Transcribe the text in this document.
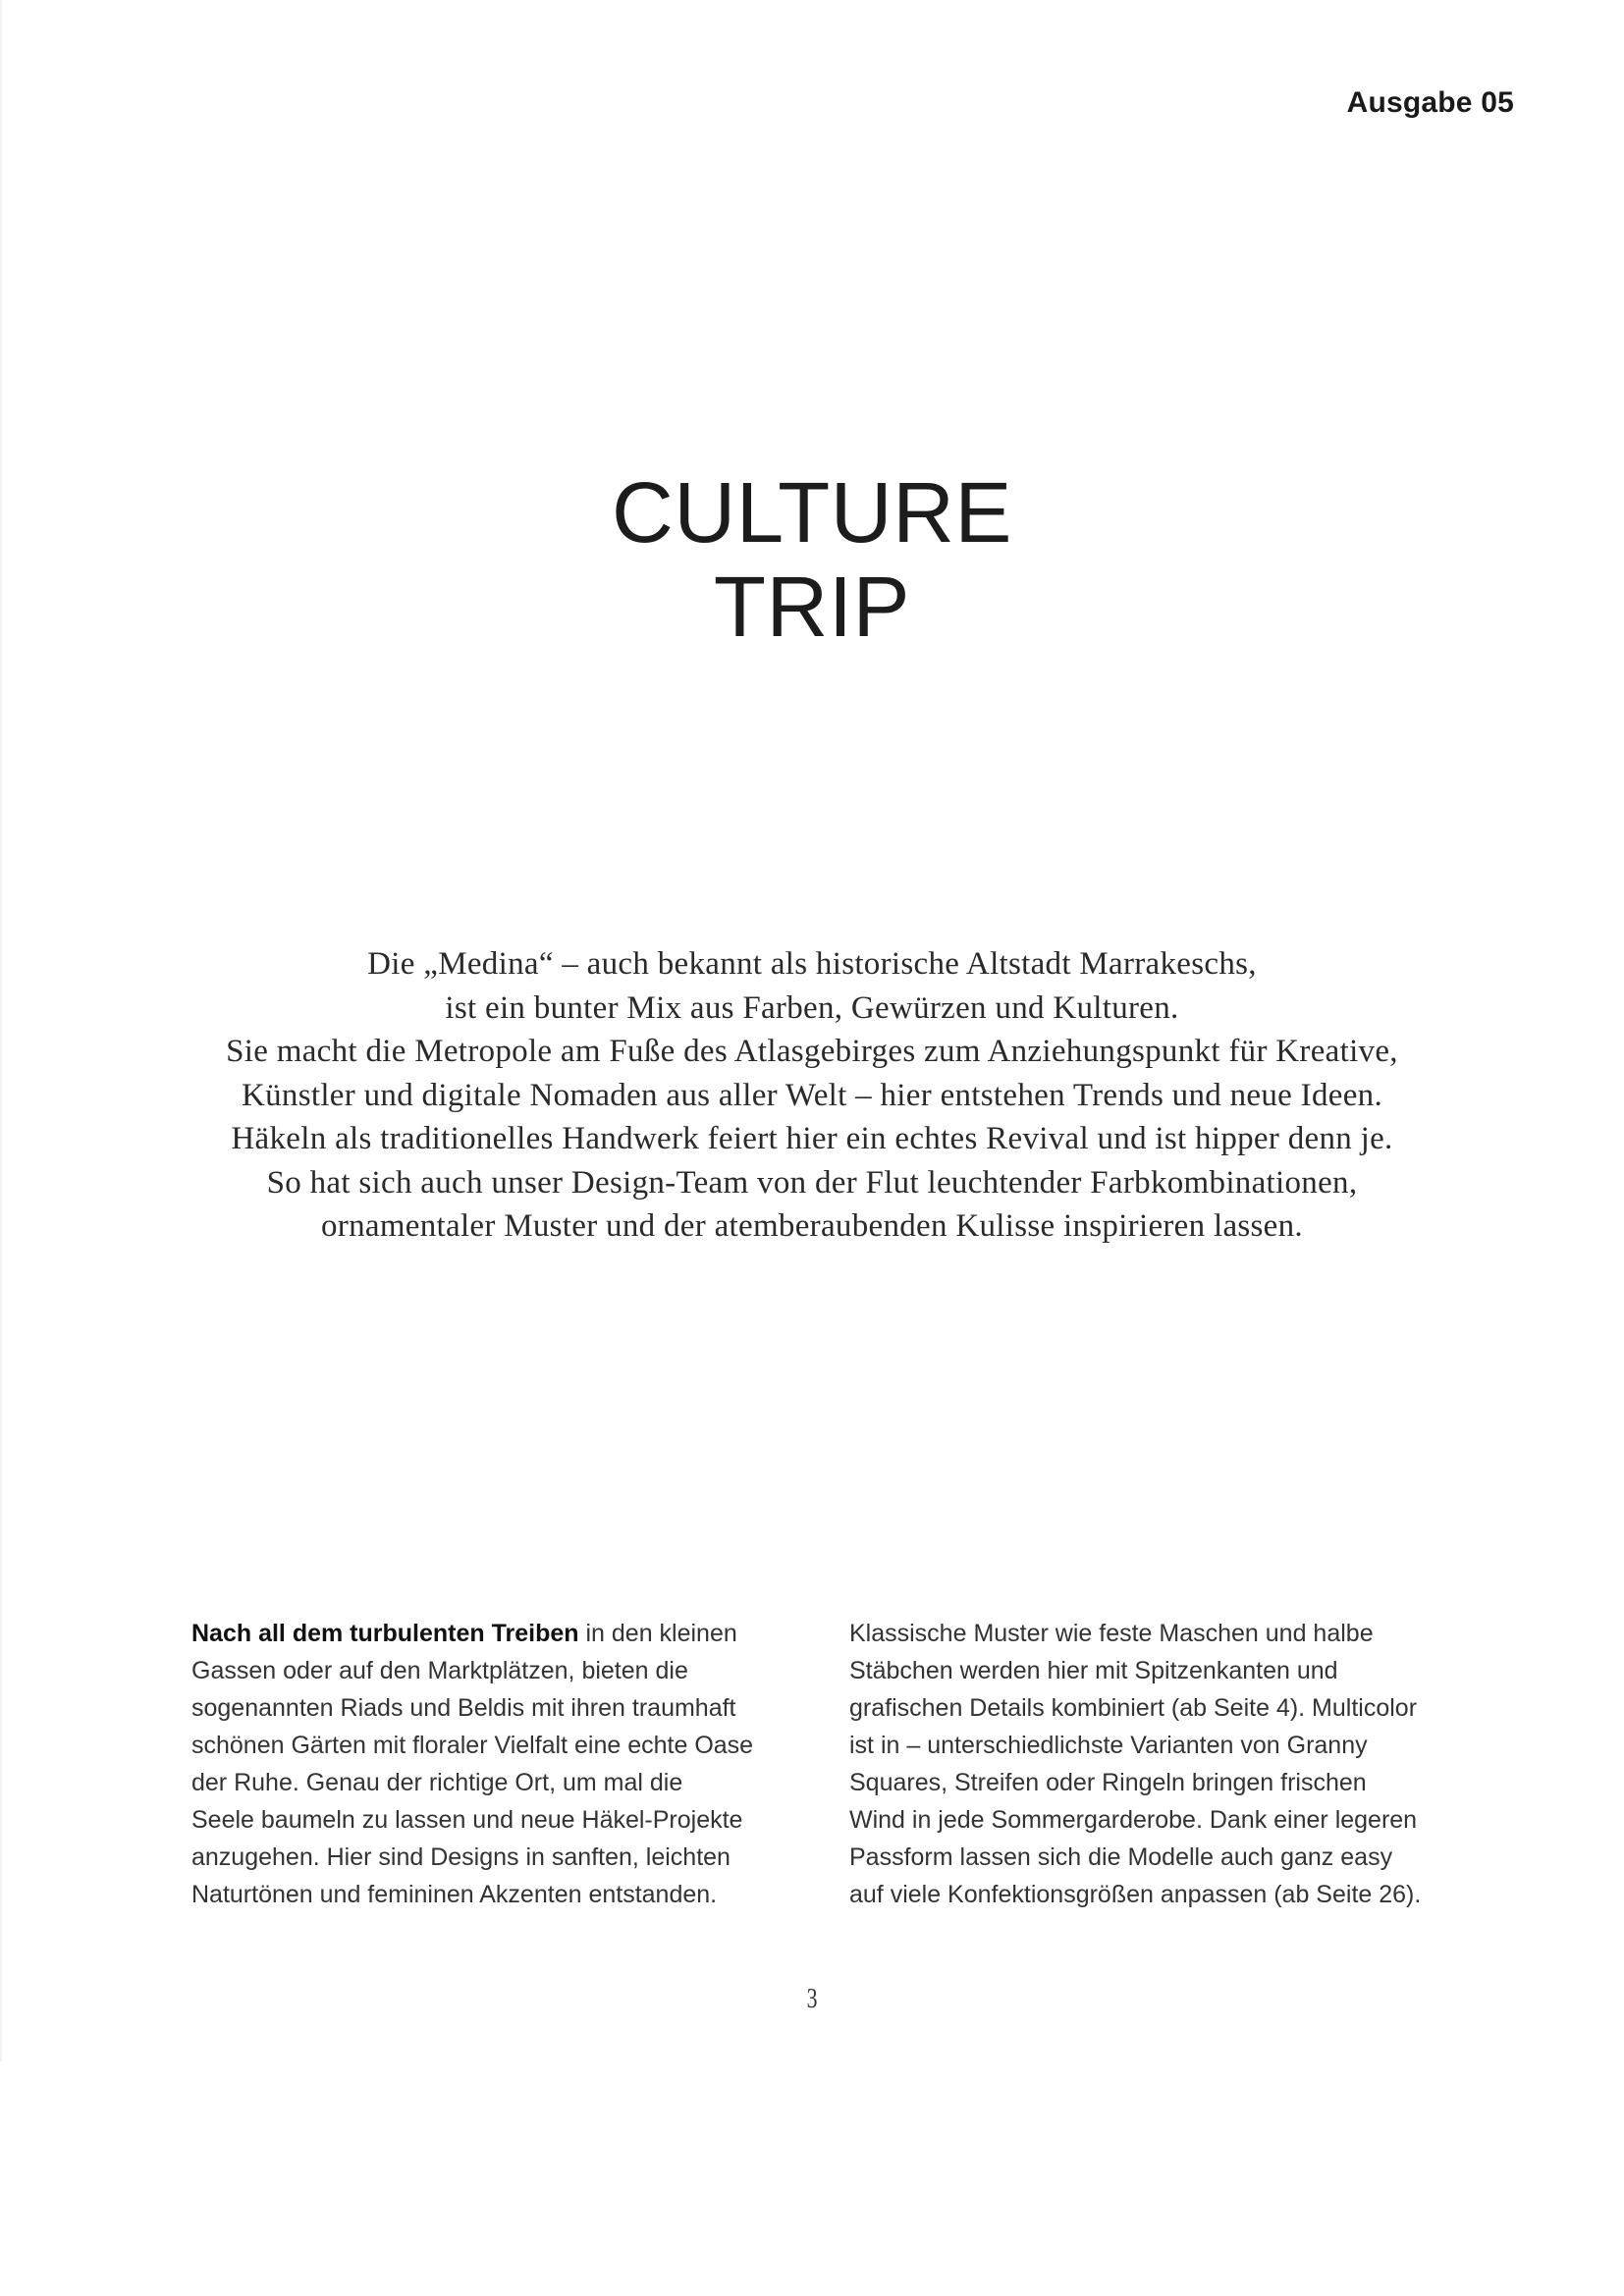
Ausgabe 05

CULTURE
TRIP

Die „Medina“ – auch bekannt als historische Altstadt Marrakeschs,
ist ein bunter Mix aus Farben, Gewürzen und Kulturen.
Sie macht die Metropole am Fuße des Atlasgebirges zum Anziehungspunkt für Kreative,
Künstler und digitale Nomaden aus aller Welt – hier entstehen Trends und neue Ideen.
Häkeln als traditionelles Handwerk feiert hier ein echtes Revival und ist hipper denn je.
So hat sich auch unser Design-Team von der Flut leuchtender Farbkombinationen,
ornamentaler Muster und der atemberaubenden Kulisse inspirieren lassen.

Nach all dem turbulenten Treiben in den kleinen
Gassen oder auf den Marktplätzen, bieten die
sogenannten Riads und Beldis mit ihren traumhaft
schönen Gärten mit floraler Vielfalt eine echte Oase
der Ruhe. Genau der richtige Ort, um mal die
Seele baumeln zu lassen und neue Häkel-Projekte
anzugehen. Hier sind Designs in sanften, leichten
Naturtönen und femininen Akzenten entstanden.

Klassische Muster wie feste Maschen und halbe
Stäbchen werden hier mit Spitzenkanten und
grafischen Details kombiniert (ab Seite 4). Multicolor
ist in – unterschiedlichste Varianten von Granny
Squares, Streifen oder Ringeln bringen frischen
Wind in jede Sommergarderobe. Dank einer legeren
Passform lassen sich die Modelle auch ganz easy
auf viele Konfektionsgrößen anpassen (ab Seite 26).

3
